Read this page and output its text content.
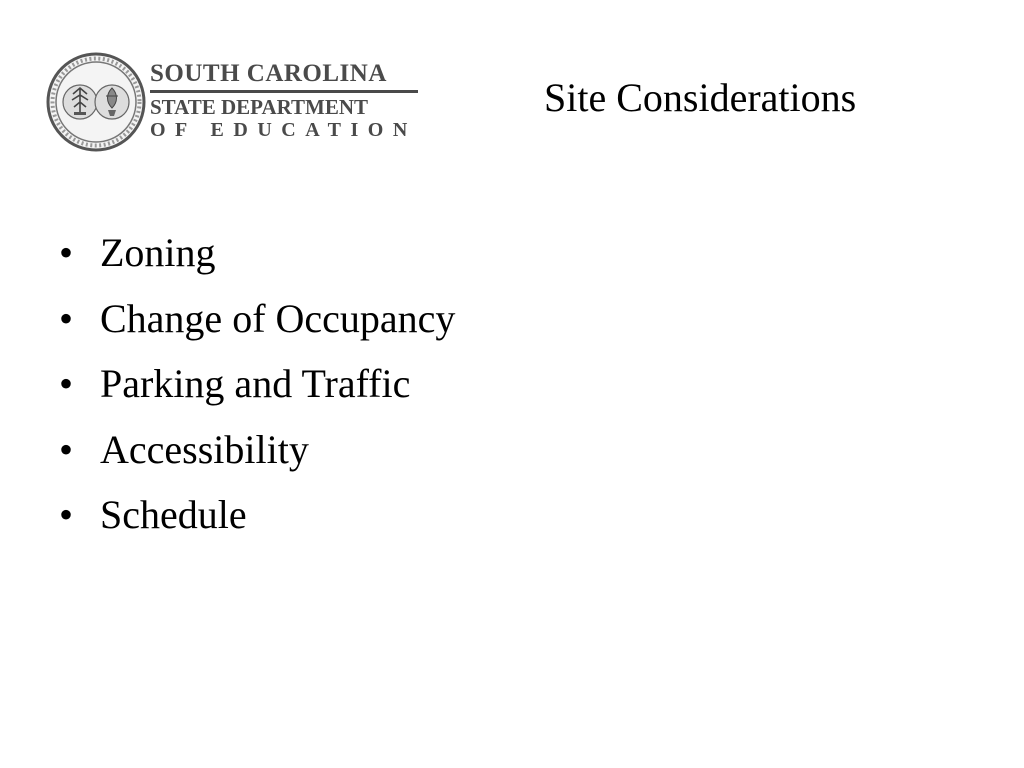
SOUTH CAROLINA
STATE DEPARTMENT
OF EDUCATION
Site Considerations
• Zoning
• Change of Occupancy
• Parking and Traffic
• Accessibility
• Schedule
